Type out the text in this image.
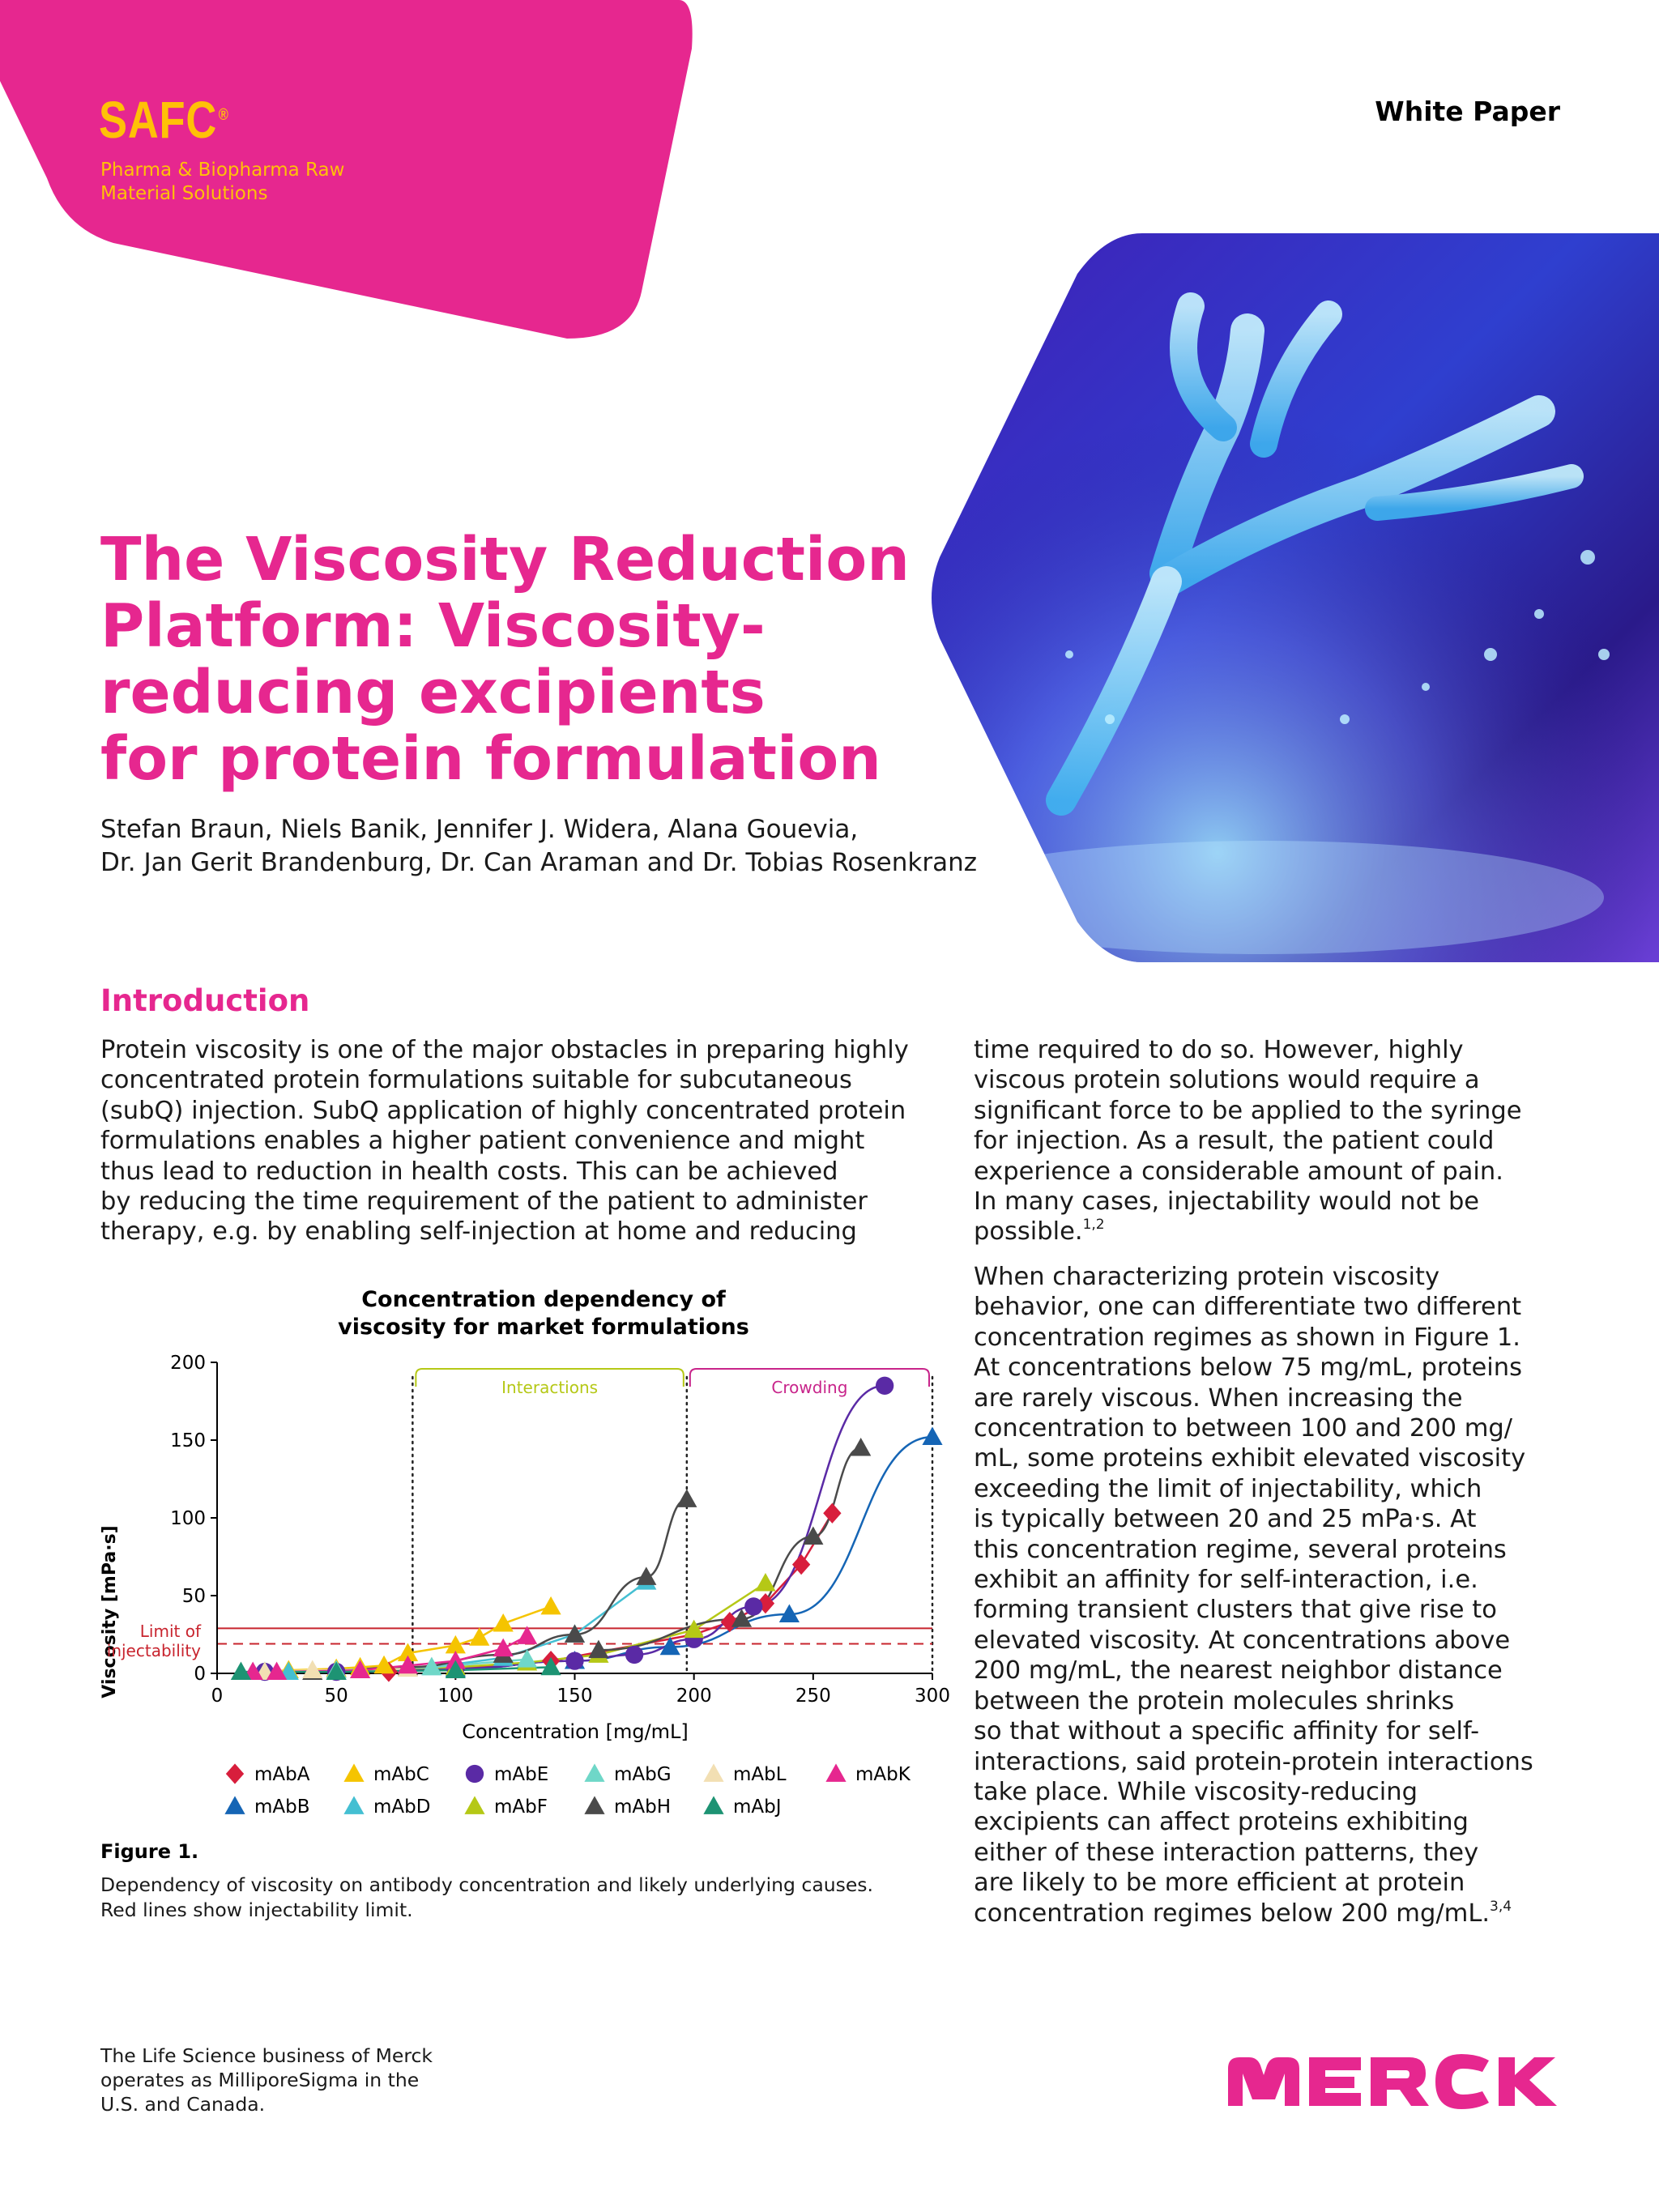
SAFC®
Pharma & Biopharma Raw
Material Solutions
White Paper
The Viscosity Reduction
Platform: Viscosity-
reducing excipients
for protein formulation
Stefan Braun, Niels Banik, Jennifer J. Widera, Alana Gouevia,
Dr. Jan Gerit Brandenburg, Dr. Can Araman and Dr. Tobias Rosenkranz
Introduction
Protein viscosity is one of the major obstacles in preparing highly
concentrated protein formulations suitable for subcutaneous
(subQ) injection. SubQ application of highly concentrated protein
formulations enables a higher patient convenience and might
thus lead to reduction in health costs. This can be achieved
by reducing the time requirement of the patient to administer
therapy, e.g. by enabling self-injection at home and reducing
time required to do so. However, highly
viscous protein solutions would require a
significant force to be applied to the syringe
for injection. As a result, the patient could
experience a considerable amount of pain.
In many cases, injectability would not be
possible.$^{1,2}$
When characterizing protein viscosity
behavior, one can differentiate two different
concentration regimes as shown in Figure 1.
At concentrations below 75 mg/mL, proteins
are rarely viscous. When increasing the
concentration to between 100 and 200 mg/
mL, some proteins exhibit elevated viscosity
exceeding the limit of injectability, which
is typically between 20 and 25 mPa·s. At
this concentration regime, several proteins
exhibit an affinity for self-interaction, i.e.
forming transient clusters that give rise to
elevated viscosity. At concentrations above
200 mg/mL, the nearest neighbor distance
between the protein molecules shrinks
so that without a specific affinity for self-
interactions, said protein-protein interactions
take place. While viscosity-reducing
excipients can affect proteins exhibiting
either of these interaction patterns, they
are likely to be more efficient at protein
concentration regimes below 200 mg/mL.$^{3,4}$
Concentration dependency of
viscosity for market formulations
Viscosity [mPa·s]
Concentration [mg/mL]
Limit of
injectability
Interactions	Crowding
0
50
100
150
200
0	50	100	150	200	250	300
mAbA	mAbC	mAbE	mAbG	mAbL	mAbK
mAbB	mAbD	mAbF	mAbH	mAbJ
Figure 1.
Dependency of viscosity on antibody concentration and likely underlying causes.
Red lines show injectability limit.
The Life Science business of Merck
operates as MilliporeSigma in the
U.S. and Canada.
